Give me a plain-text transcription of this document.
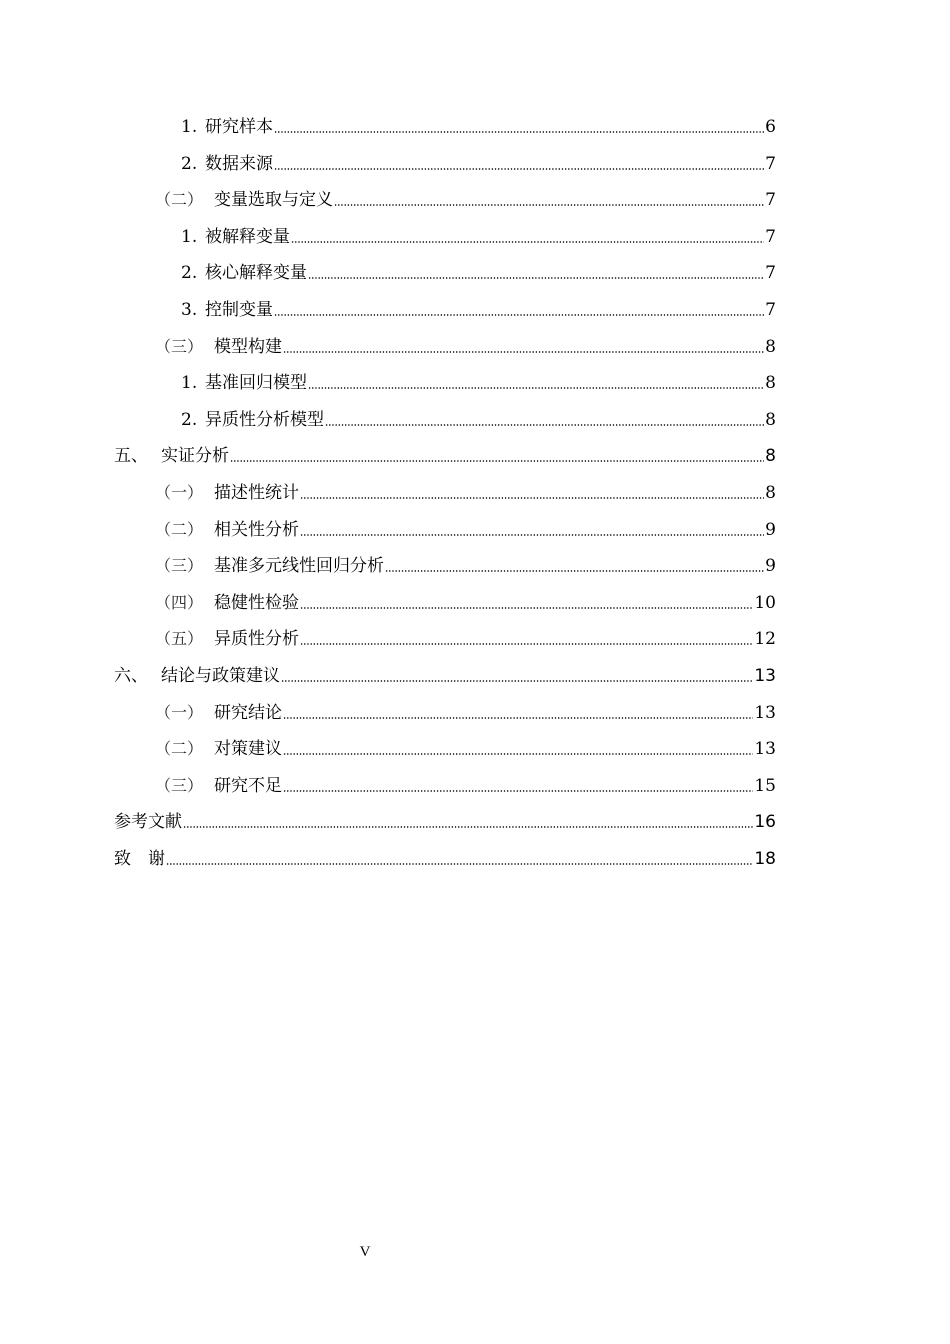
1. 研究样本	6
2. 数据来源	7
（二） 变量选取与定义	7
1. 被解释变量	7
2. 核心解释变量	7
3. 控制变量	7
（三） 模型构建	8
1. 基准回归模型	8
2. 异质性分析模型	8
五、 实证分析	8
（一） 描述性统计	8
（二） 相关性分析	9
（三） 基准多元线性回归分析	9
（四） 稳健性检验	10
（五） 异质性分析	12
六、 结论与政策建议	13
（一） 研究结论	13
（二） 对策建议	13
（三） 研究不足	15
参考文献	16
致　谢	18
V
